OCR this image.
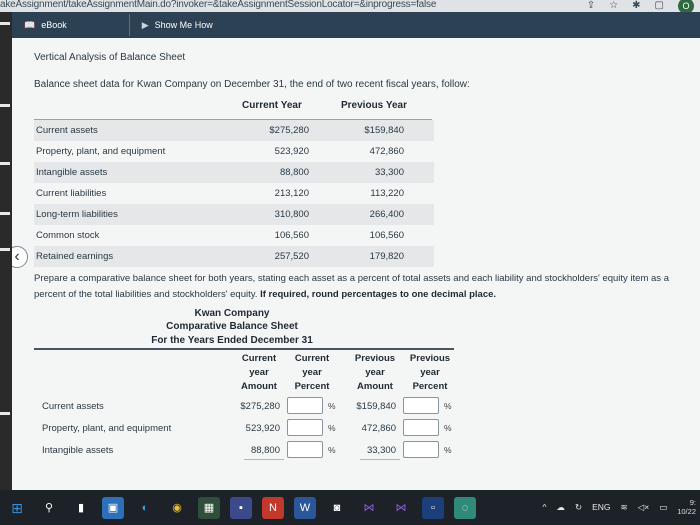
akeAssignment/takeAssignmentMain.do?invoker=&takeAssignmentSessionLocator=&inprogress=false	⇪ ☆ ✱ ▢	O
📖 eBook	▶ Show Me How
Vertical Analysis of Balance Sheet
Balance sheet data for Kwan Company on December 31, the end of two recent fiscal years, follow:
Current Year	Previous Year
Current assets	$275,280	$159,840
Property, plant, and equipment	523,920	472,860
Intangible assets	88,800	33,300
Current liabilities	213,120	113,220
Long-term liabilities	310,800	266,400
Common stock	106,560	106,560
Retained earnings	257,520	179,820
‹
Prepare a comparative balance sheet for both years, stating each asset as a percent of total assets and each liability and stockholders' equity item as a percent of the total liabilities and stockholders' equity. If required, round percentages to one decimal place.
Kwan Company
Comparative Balance Sheet
For the Years Ended December 31
Current
year
Amount
Current
year
Percent
Previous
year
Amount
Previous
year
Percent
Current assets	$275,280	%	$159,840	%
Property, plant, and equipment	523,920	%	472,860	%
Intangible assets	88,800	%	33,300	%
⊞	⚲	▮	▣	◐	◉	▦	▪	N	W	◙	⋈	⋈	▫	◌	^ ☁ ↻ ENG ≋ ◁× ▭	9:
10/22
